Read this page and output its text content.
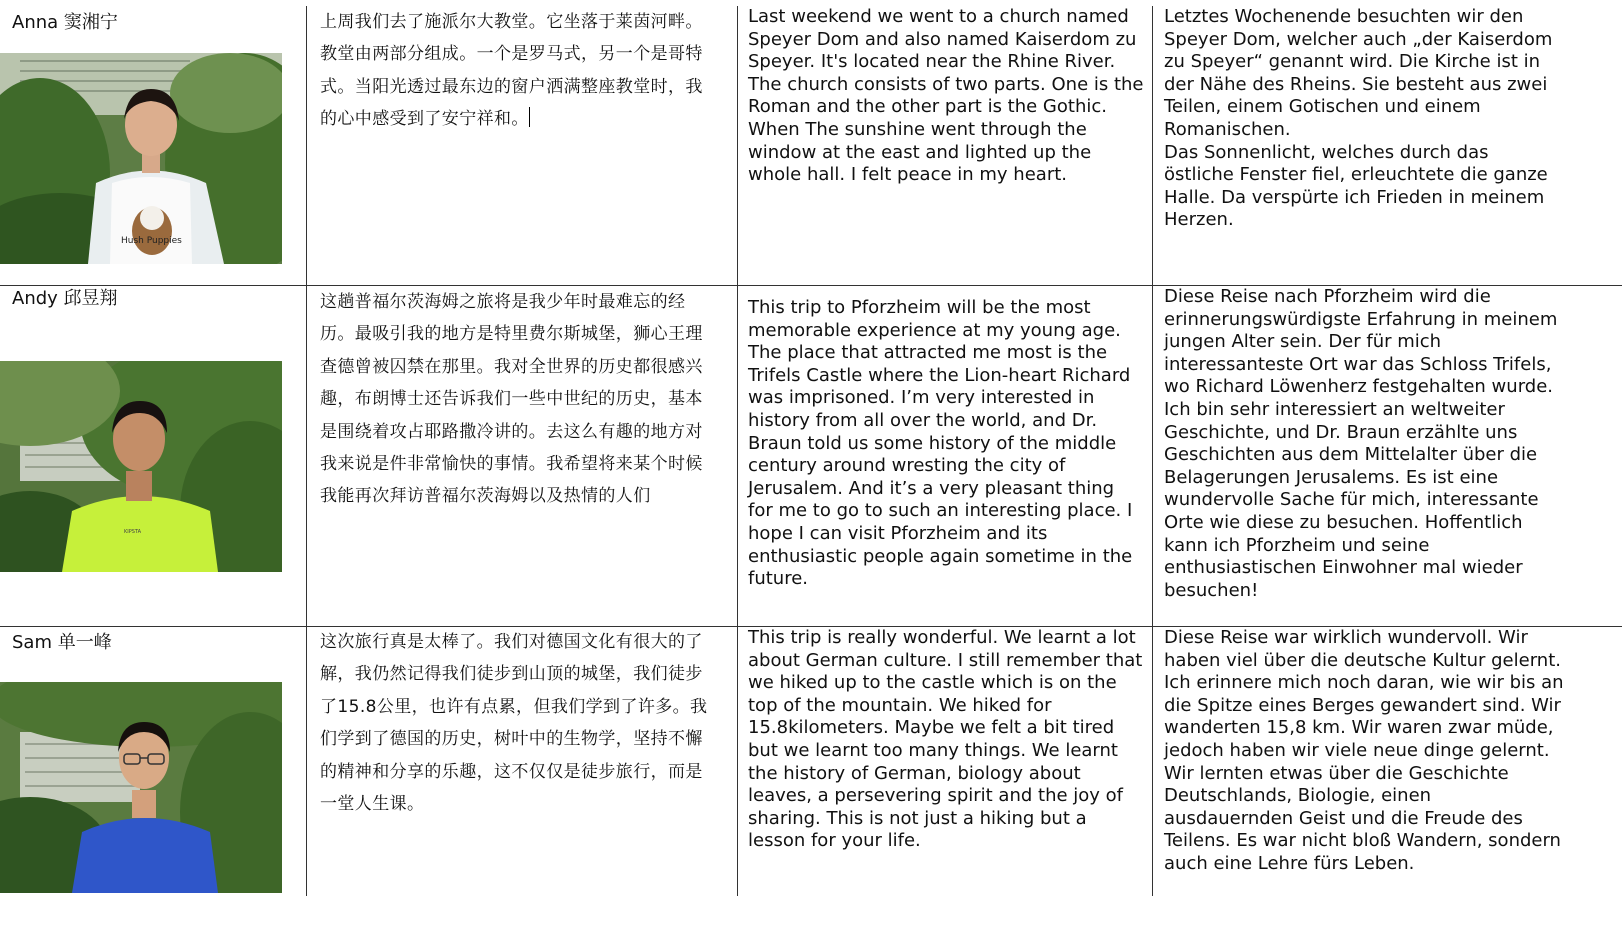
Anna 窦湘宁
Hush Puppies
上周我们去了施派尔大教堂。它坐落于莱茵河畔。教堂由两部分组成。一个是罗马式，另一个是哥特式。当阳光透过最东边的窗户洒满整座教堂时，我的心中感受到了安宁祥和。
Last weekend we went to a church named Speyer Dom and also named Kaiserdom zu Speyer. It's located near the Rhine River. The church consists of two parts. One is the Roman and the other part is the Gothic. When The sunshine went through the window at the east and lighted up the whole hall. I felt peace in my heart.
Letztes Wochenende besuchten wir den Speyer Dom, welcher auch „der Kaiserdom zu Speyer“ genannt wird. Die Kirche ist in der Nähe des Rheins. Sie besteht aus zwei Teilen, einem Gotischen und einem Romanischen.
Das Sonnenlicht, welches durch das östliche Fenster fiel, erleuchtete die ganze Halle. Da verspürte ich Frieden in meinem Herzen.
Andy 邱昱翔
KIPSTA
这趟普福尔茨海姆之旅将是我少年时最难忘的经历。最吸引我的地方是特里费尔斯城堡，狮心王理查德曾被囚禁在那里。我对全世界的历史都很感兴趣，布朗博士还告诉我们一些中世纪的历史，基本是围绕着攻占耶路撒冷讲的。去这么有趣的地方对我来说是件非常愉快的事情。我希望将来某个时候我能再次拜访普福尔茨海姆以及热情的人们
This trip to Pforzheim will be the most memorable experience at my young age. The place that attracted me most is the Trifels Castle where the Lion-heart Richard was imprisoned. I’m very interested in history from all over the world, and Dr. Braun told us some history of the middle century around wresting the city of Jerusalem. And it’s a very pleasant thing for me to go to such an interesting place. I hope I can visit Pforzheim and its enthusiastic people again sometime in the future.
Diese Reise nach Pforzheim wird die erinnerungswürdigste Erfahrung in meinem jungen Alter sein. Der für mich interessanteste Ort war das Schloss Trifels, wo Richard Löwenherz festgehalten wurde. Ich bin sehr interessiert an weltweiter Geschichte, und Dr. Braun erzählte uns Geschichten aus dem Mittelalter über die Belagerungen Jerusalems. Es ist eine wundervolle Sache für mich, interessante Orte wie diese zu besuchen. Hoffentlich kann ich Pforzheim und seine enthusiastischen Einwohner mal wieder besuchen!
Sam 单一峰	这次旅行真是太棒了。我们对德国文化有很大的了解，我仍然记得我们徒步到山顶的城堡，我们徒步了15.8公里，也许有点累，但我们学到了许多。我们学到了德国的历史，树叶中的生物学，坚持不懈的精神和分享的乐趣，这不仅仅是徒步旅行，而是一堂人生课。
This trip is really wonderful. We learnt a lot about German culture. I still remember that we hiked up to the castle which is on the top of the mountain. We hiked for 15.8kilometers. Maybe we felt a bit tired but we learnt too many things. We learnt the history of German, biology about leaves, a persevering spirit and the joy of sharing. This is not just a hiking but a lesson for your life.
Diese Reise war wirklich wundervoll. Wir haben viel über die deutsche Kultur gelernt. Ich erinnere mich noch daran, wie wir bis an die Spitze eines Berges gewandert sind. Wir wanderten 15,8 km. Wir waren zwar müde, jedoch haben wir viele neue dinge gelernt. Wir lernten etwas über die Geschichte Deutschlands, Biologie, einen ausdauernden Geist und die Freude des Teilens. Es war nicht bloß Wandern, sondern auch eine Lehre fürs Leben.
